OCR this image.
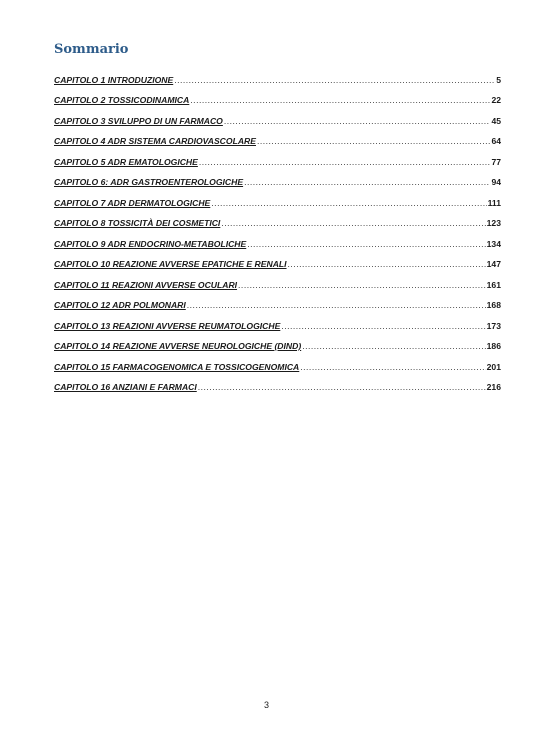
Sommario
CAPITOLO 1 INTRODUZIONE .....	5
CAPITOLO 2 TOSSICODINAMICA .....	22
CAPITOLO 3 SVILUPPO DI UN FARMACO .....	45
CAPITOLO 4 ADR SISTEMA CARDIOVASCOLARE .....	64
CAPITOLO 5 ADR EMATOLOGICHE .....	77
CAPITOLO 6: ADR GASTROENTEROLOGICHE .....	94
CAPITOLO 7 ADR DERMATOLOGICHE .....	111
CAPITOLO 8 TOSSICITÀ DEI COSMETICI .....	123
CAPITOLO 9 ADR ENDOCRINO-METABOLICHE .....	134
CAPITOLO 10 REAZIONE AVVERSE EPATICHE E RENALI .....	147
CAPITOLO 11 REAZIONI AVVERSE OCULARI .....	161
CAPITOLO 12 ADR POLMONARI .....	168
CAPITOLO 13 REAZIONI AVVERSE REUMATOLOGICHE .....	173
CAPITOLO 14 REAZIONE AVVERSE NEUROLOGICHE (DIND) .....	186
CAPITOLO 15 FARMACOGENOMICA E TOSSICOGENOMICA .....	201
CAPITOLO 16 ANZIANI E FARMACI .....	216
3
